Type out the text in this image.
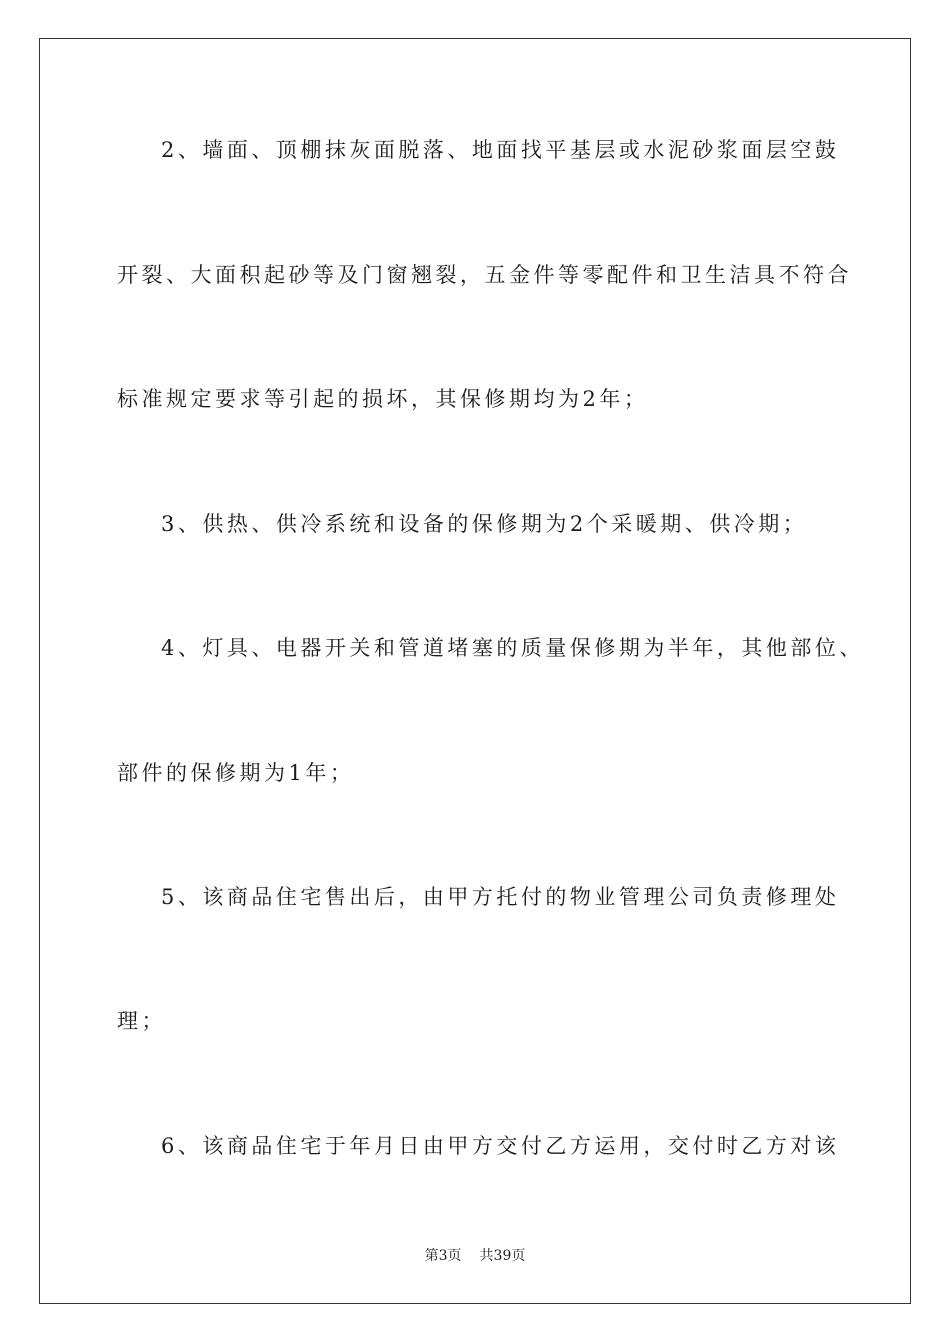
2、墙面、顶棚抹灰面脱落、地面找平基层或水泥砂浆面层空鼓
开裂、大面积起砂等及门窗翘裂，五金件等零配件和卫生洁具不符合
标准规定要求等引起的损坏，其保修期均为2年；
3、供热、供冷系统和设备的保修期为2个采暖期、供冷期；
4、灯具、电器开关和管道堵塞的质量保修期为半年，其他部位、
部件的保修期为1年；
5、该商品住宅售出后，由甲方托付的物业管理公司负责修理处
理；
6、该商品住宅于年月日由甲方交付乙方运用，交付时乙方对该
第3页 共39页
